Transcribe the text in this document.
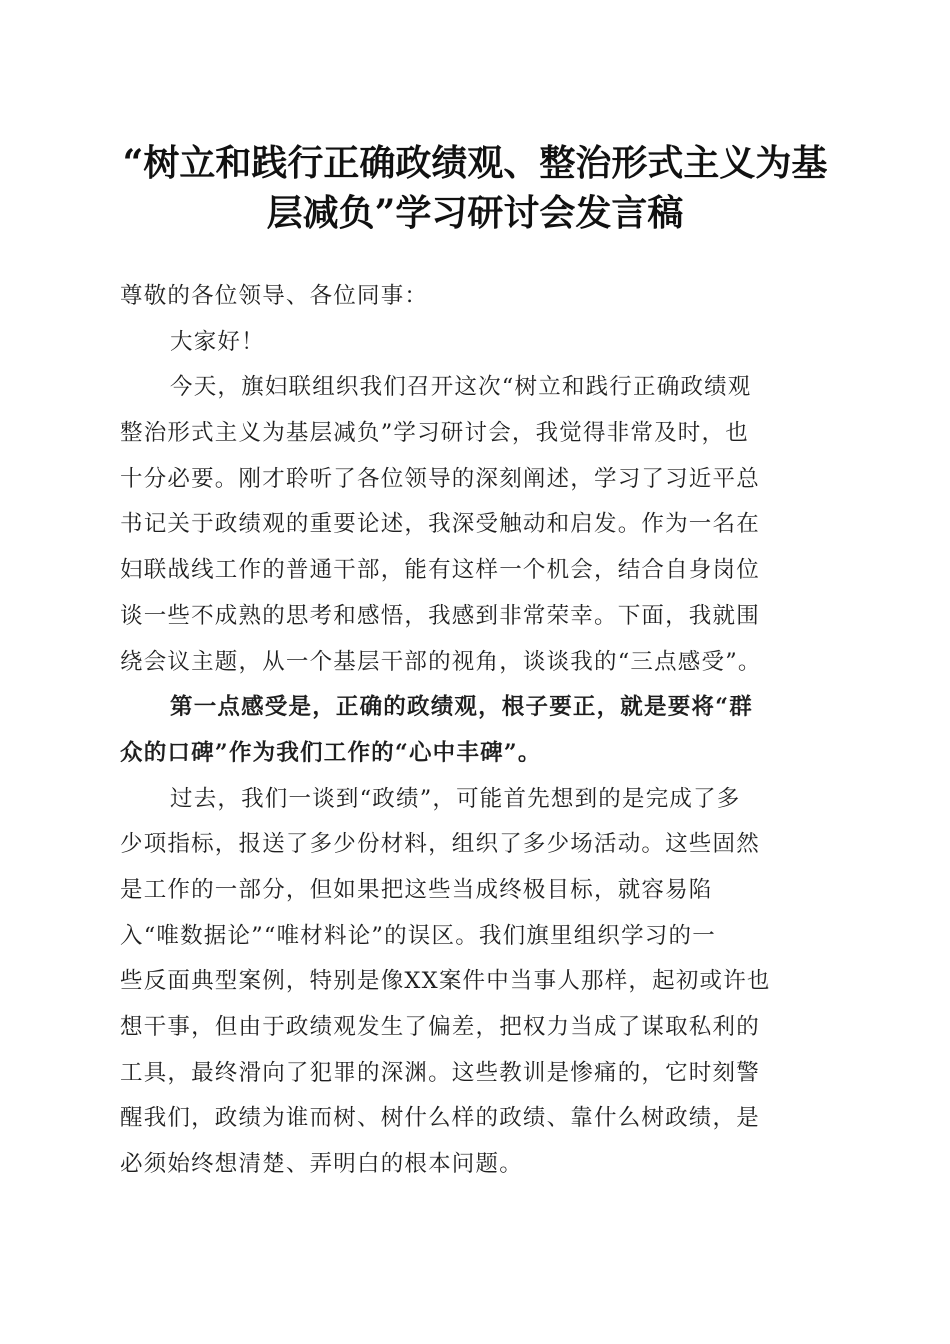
“树立和践行正确政绩观、整治形式主义为基
层减负”学习研讨会发言稿
尊敬的各位领导、各位同事：
大家好！
今天，旗妇联组织我们召开这次“树立和践行正确政绩观
整治形式主义为基层减负”学习研讨会，我觉得非常及时，也
十分必要。刚才聆听了各位领导的深刻阐述，学习了习近平总
书记关于政绩观的重要论述，我深受触动和启发。作为一名在
妇联战线工作的普通干部，能有这样一个机会，结合自身岗位
谈一些不成熟的思考和感悟，我感到非常荣幸。下面，我就围
绕会议主题，从一个基层干部的视角，谈谈我的“三点感受”。
第一点感受是，正确的政绩观，根子要正，就是要将“群
众的口碑”作为我们工作的“心中丰碑”。
过去，我们一谈到“政绩”，可能首先想到的是完成了多
少项指标，报送了多少份材料，组织了多少场活动。这些固然
是工作的一部分，但如果把这些当成终极目标，就容易陷
入“唯数据论”“唯材料论”的误区。我们旗里组织学习的一
些反面典型案例，特别是像XX案件中当事人那样，起初或许也
想干事，但由于政绩观发生了偏差，把权力当成了谋取私利的
工具，最终滑向了犯罪的深渊。这些教训是惨痛的，它时刻警
醒我们，政绩为谁而树、树什么样的政绩、靠什么树政绩，是
必须始终想清楚、弄明白的根本问题。
